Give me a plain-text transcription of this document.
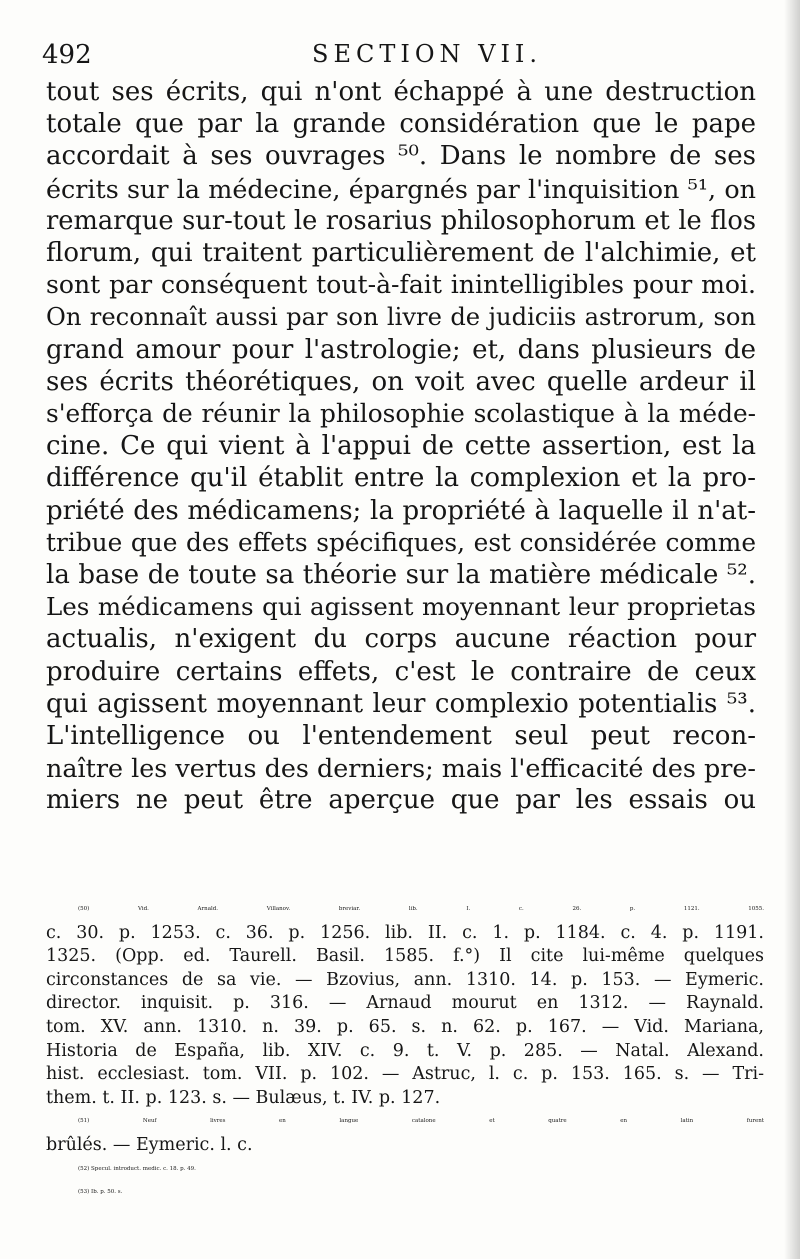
492	SECTION VII.
tout ses écrits, qui n'ont échappé à une destruction
totale que par la grande considération que le pape
accordait à ses ouvrages ⁵⁰. Dans le nombre de ses
écrits sur la médecine, épargnés par l'inquisition ⁵¹, on
remarque sur-tout le rosarius philosophorum et le flos
florum, qui traitent particulièrement de l'alchimie, et
sont par conséquent tout-à-fait inintelligibles pour moi.
On reconnaît aussi par son livre de judiciis astrorum, son
grand amour pour l'astrologie; et, dans plusieurs de
ses écrits théorétiques, on voit avec quelle ardeur il
s'efforça de réunir la philosophie scolastique à la méde-
cine. Ce qui vient à l'appui de cette assertion, est la
différence qu'il établit entre la complexion et la pro-
priété des médicamens; la propriété à laquelle il n'at-
tribue que des effets spécifiques, est considérée comme
la base de toute sa théorie sur la matière médicale ⁵².
Les médicamens qui agissent moyennant leur proprietas
actualis, n'exigent du corps aucune réaction pour
produire certains effets, c'est le contraire de ceux
qui agissent moyennant leur complexio potentialis ⁵³.
L'intelligence ou l'entendement seul peut recon-
naître les vertus des derniers; mais l'efficacité des pre-
miers ne peut être aperçue que par les essais ou
(50) Vid. Arnald. Villanov. breviar. lib. I. c. 26. p. 1121. 1055.
c. 30. p. 1253. c. 36. p. 1256. lib. II. c. 1. p. 1184. c. 4. p. 1191.
1325. (Opp. ed. Taurell. Basil. 1585. f.°) Il cite lui-même quelques
circonstances de sa vie. — Bzovius, ann. 1310. 14. p. 153. — Eymeric.
director. inquisit. p. 316. — Arnaud mourut en 1312. — Raynald.
tom. XV. ann. 1310. n. 39. p. 65. s. n. 62. p. 167. — Vid. Mariana,
Historia de España, lib. XIV. c. 9. t. V. p. 285. — Natal. Alexand.
hist. ecclesiast. tom. VII. p. 102. — Astruc, l. c. p. 153. 165. s. — Tri-
them. t. II. p. 123. s. — Bulæus, t. IV. p. 127.
(51) Neuf livres en langue catalone et quatre en latin furent
brûlés. — Eymeric. l. c.
(52) Specul. introduct. medic. c. 18. p. 49.
(53) Ib. p. 50. s.
